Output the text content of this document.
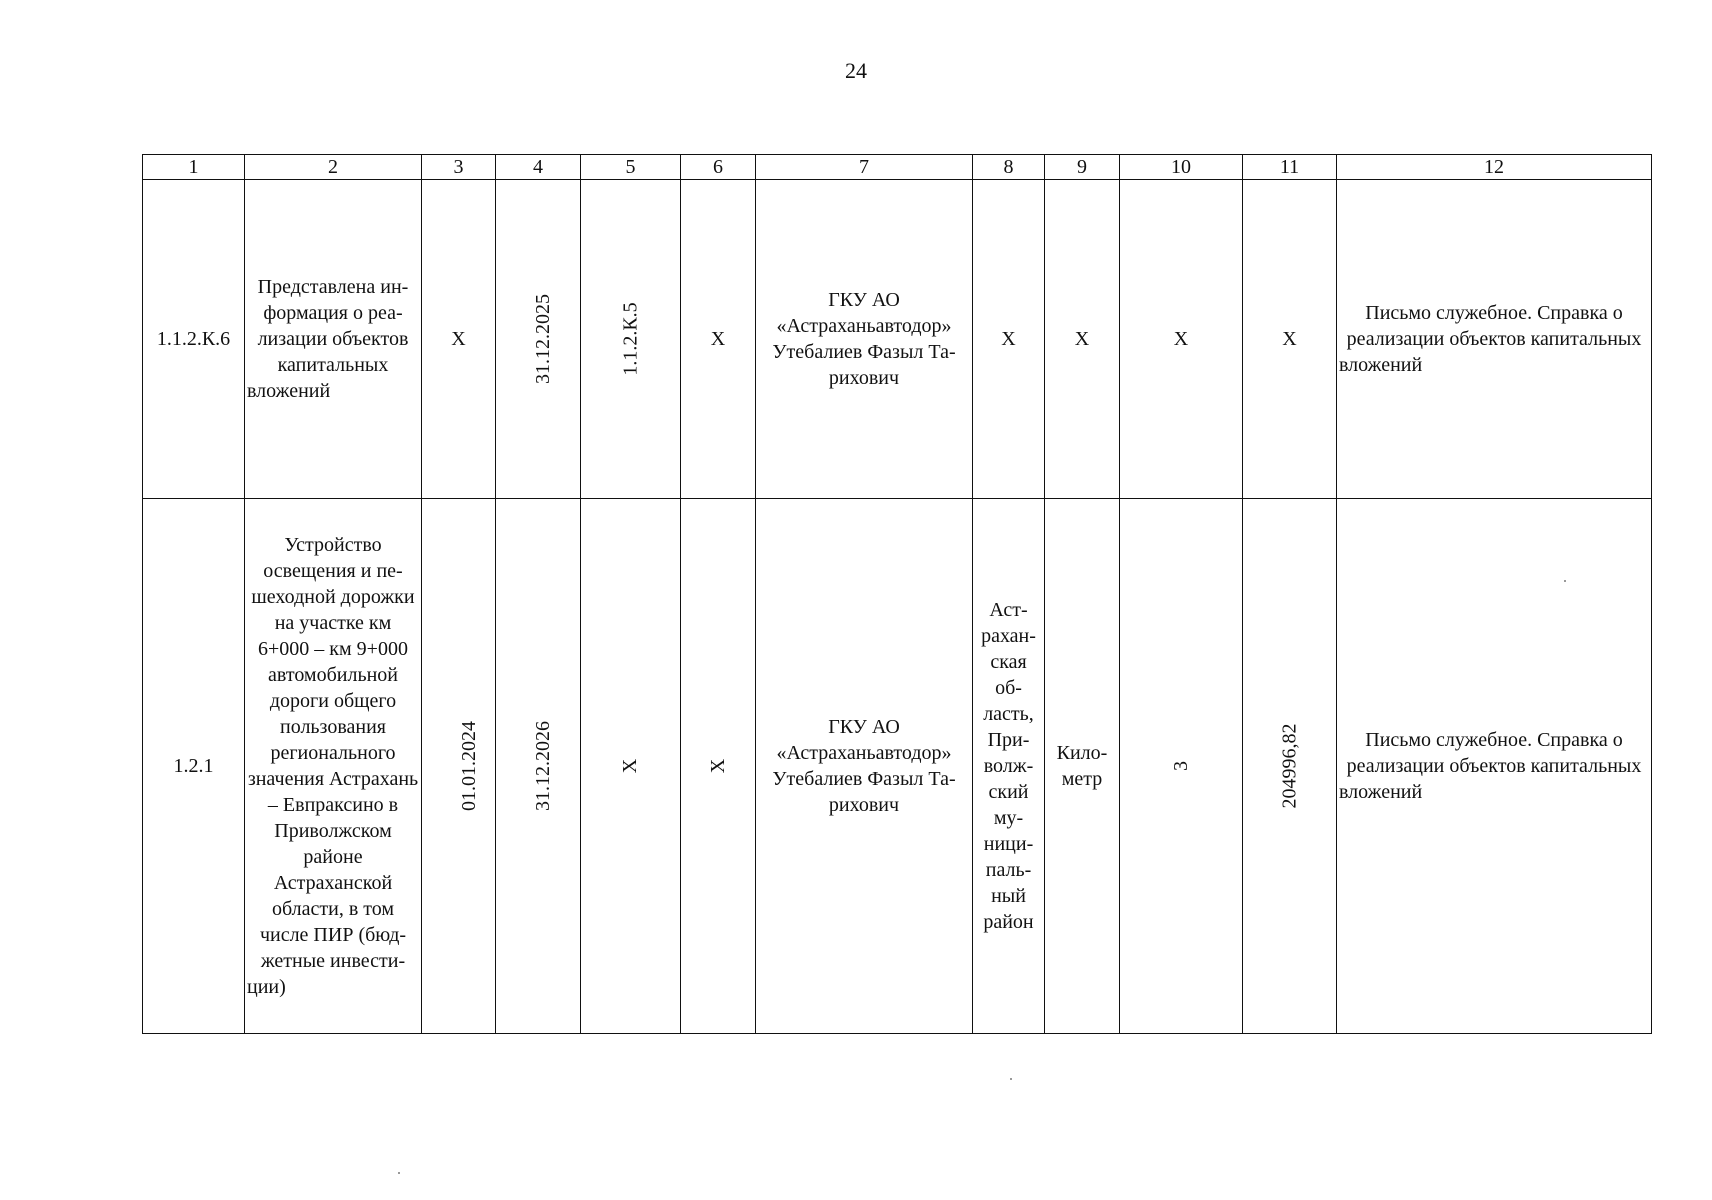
24
1	2	3	4	5	6	7	8	9	10	11	12
1.1.2.К.6	Представлена информация о реализации объектов капитальных вложений	Х	31.12.2025	1.1.2.К.5	Х	ГКУ АО «Астраханьавтодор» Утебалиев Фазыл Тарихович	Х	Х	Х	Х	Письмо служебное. Справка о реализации объектов капитальных вложений
1.2.1	Устройство освещения и пешеходной дорожки на участке км 6+000 – км 9+000 автомобильной дороги общего пользования регионального значения Астрахань – Евпраксино в Приволжском районе Астраханской области, в том числе ПИР (бюджетные инвестиции)	01.01.2024	31.12.2026	Х	Х	ГКУ АО «Астраханьавтодор» Утебалиев Фазыл Тарихович	Астраханская область, Приволжский муниципальный район	Километр	3	204996,82	Письмо служебное. Справка о реализации объектов капитальных вложений
